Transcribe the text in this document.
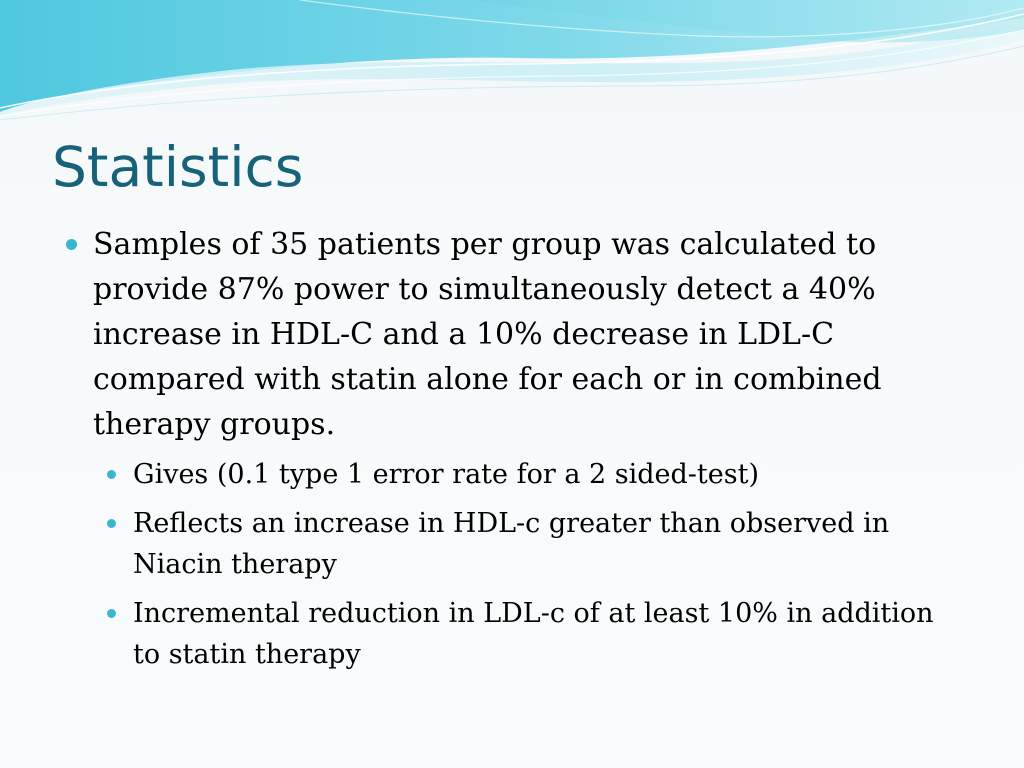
Statistics

Samples of 35 patients per group was calculated to provide 87% power to simultaneously detect a 40% increase in HDL-C and a 10% decrease in LDL-C compared with statin alone for each or in combined therapy groups.

Gives (0.1 type 1 error rate for a 2 sided-test)

Reflects an increase in HDL-c greater than observed in Niacin therapy

Incremental reduction in LDL-c of at least 10% in addition to statin therapy
